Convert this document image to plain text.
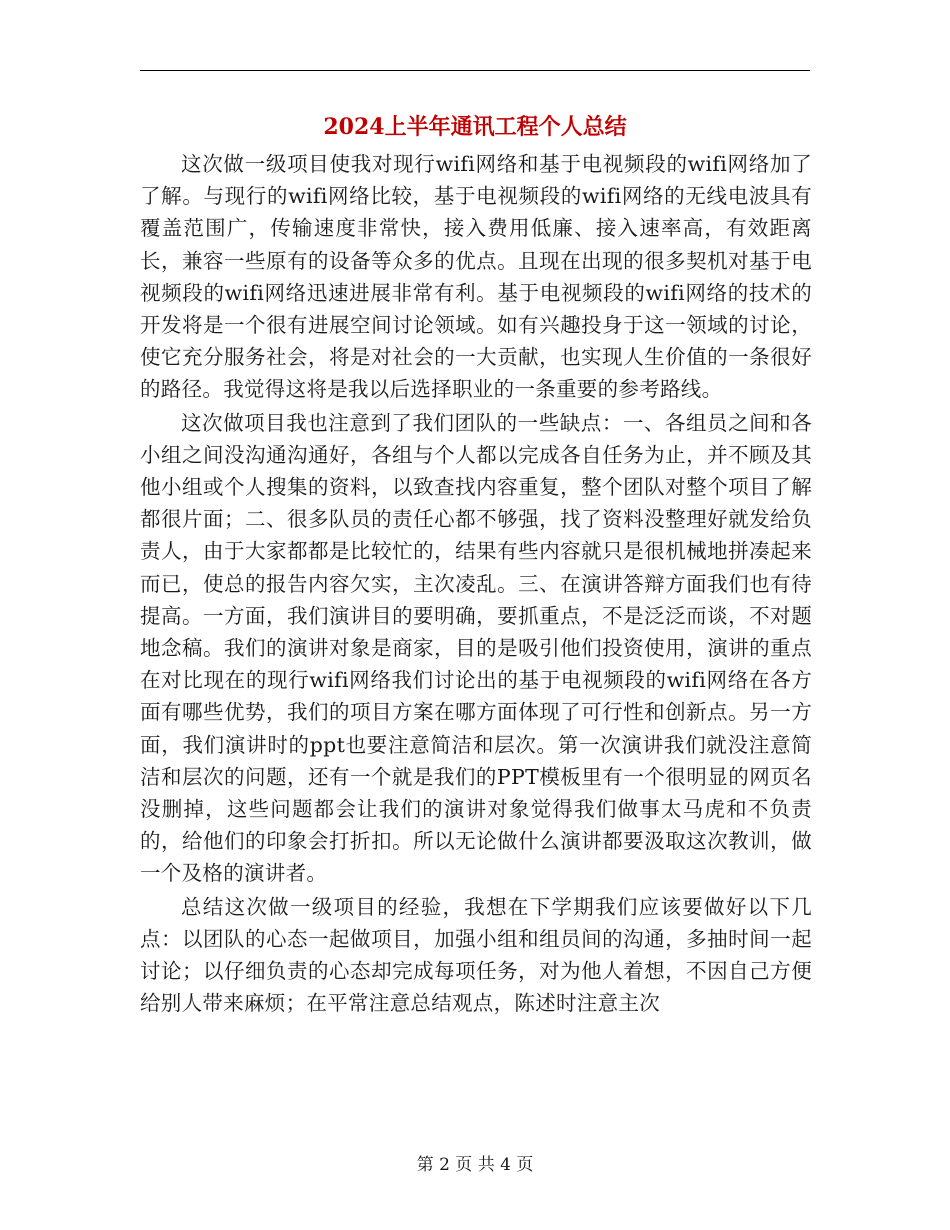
2024上半年通讯工程个人总结

这次做一级项目使我对现行wifi网络和基于电视频段的wifi网络加了了解。与现行的wifi网络比较，基于电视频段的wifi网络的无线电波具有覆盖范围广，传输速度非常快，接入费用低廉、接入速率高，有效距离长，兼容一些原有的设备等众多的优点。且现在出现的很多契机对基于电视频段的wifi网络迅速进展非常有利。基于电视频段的wifi网络的技术的开发将是一个很有进展空间讨论领域。如有兴趣投身于这一领域的讨论，使它充分服务社会，将是对社会的一大贡献，也实现人生价值的一条很好的路径。我觉得这将是我以后选择职业的一条重要的参考路线。

这次做项目我也注意到了我们团队的一些缺点：一、各组员之间和各小组之间没沟通沟通好，各组与个人都以完成各自任务为止，并不顾及其他小组或个人搜集的资料，以致查找内容重复，整个团队对整个项目了解都很片面；二、很多队员的责任心都不够强，找了资料没整理好就发给负责人，由于大家都都是比较忙的，结果有些内容就只是很机械地拼凑起来而已，使总的报告内容欠实，主次凌乱。三、在演讲答辩方面我们也有待提高。一方面，我们演讲目的要明确，要抓重点，不是泛泛而谈，不对题地念稿。我们的演讲对象是商家，目的是吸引他们投资使用，演讲的重点在对比现在的现行wifi网络我们讨论出的基于电视频段的wifi网络在各方面有哪些优势，我们的项目方案在哪方面体现了可行性和创新点。另一方面，我们演讲时的ppt也要注意简洁和层次。第一次演讲我们就没注意简洁和层次的问题，还有一个就是我们的PPT模板里有一个很明显的网页名没删掉，这些问题都会让我们的演讲对象觉得我们做事太马虎和不负责的，给他们的印象会打折扣。所以无论做什么演讲都要汲取这次教训，做一个及格的演讲者。

总结这次做一级项目的经验，我想在下学期我们应该要做好以下几点：以团队的心态一起做项目，加强小组和组员间的沟通，多抽时间一起讨论；以仔细负责的心态却完成每项任务，对为他人着想，不因自己方便给别人带来麻烦；在平常注意总结观点，陈述时注意主次

第 2 页 共 4 页
